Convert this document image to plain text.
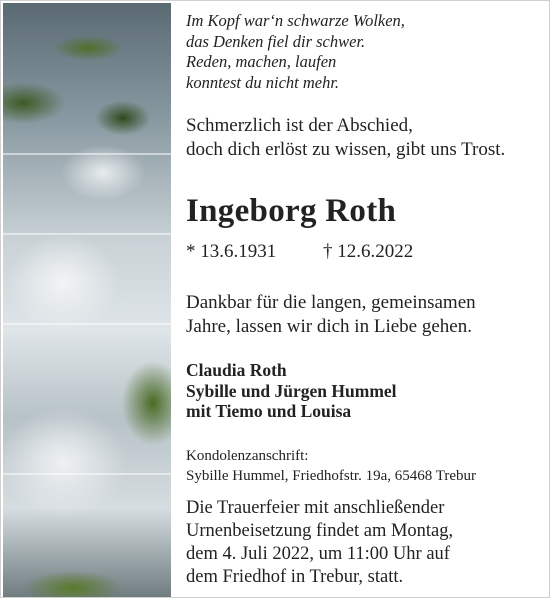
Im Kopf war‘n schwarze Wolken,
das Denken fiel dir schwer.
Reden, machen, laufen
konntest du nicht mehr.
Schmerzlich ist der Abschied,
doch dich erlöst zu wissen, gibt uns Trost.
Ingeborg Roth
* 13.6.1931 † 12.6.2022
Dankbar für die langen, gemeinsamen
Jahre, lassen wir dich in Liebe gehen.
Claudia Roth
Sybille und Jürgen Hummel
mit Tiemo und Louisa
Kondolenzanschrift:
Sybille Hummel, Friedhofstr. 19a, 65468 Trebur
Die Trauerfeier mit anschließender
Urnenbeisetzung findet am Montag,
dem 4. Juli 2022, um 11:00 Uhr auf
dem Friedhof in Trebur, statt.
